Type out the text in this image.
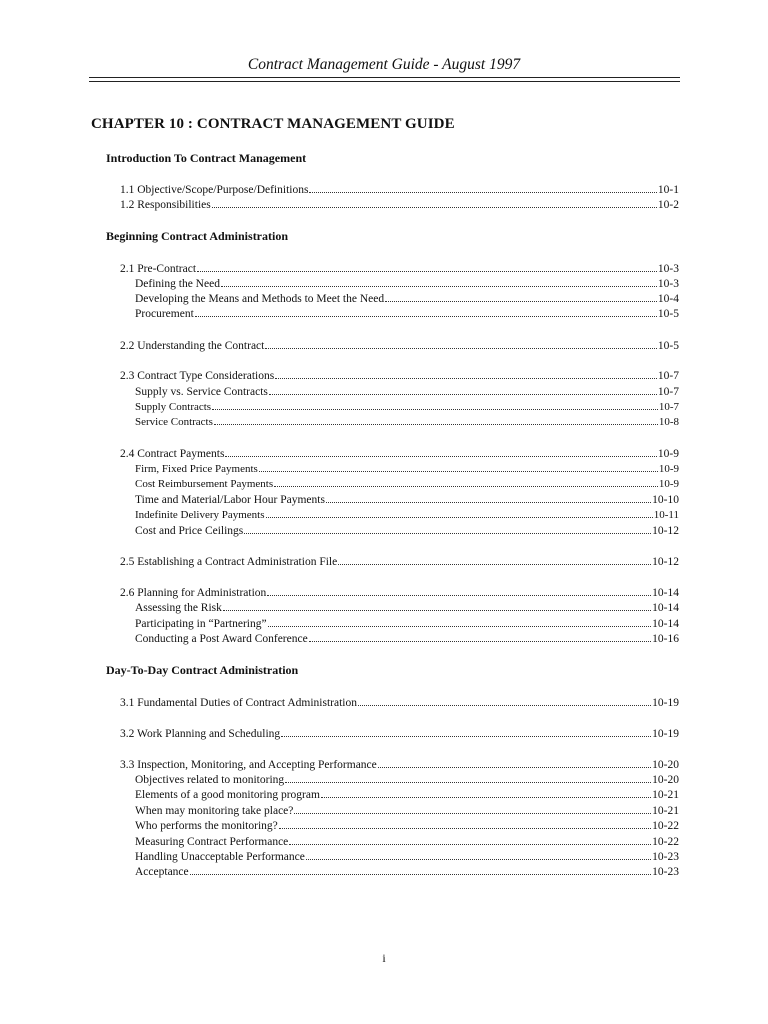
Contract Management Guide - August 1997
CHAPTER 10 : CONTRACT MANAGEMENT GUIDE
Introduction To Contract Management
1.1 Objective/Scope/Purpose/Definitions	10-1
1.2 Responsibilities	10-2
Beginning Contract Administration
2.1 Pre-Contract	10-3
Defining the Need	10-3
Developing the Means and Methods to Meet the Need	10-4
Procurement	10-5
2.2 Understanding the Contract	10-5
2.3 Contract Type Considerations	10-7
Supply vs. Service Contracts	10-7
Supply Contracts	10-7
Service Contracts	10-8
2.4 Contract Payments	10-9
Firm, Fixed Price Payments	10-9
Cost Reimbursement Payments	10-9
Time and Material/Labor Hour Payments	10-10
Indefinite Delivery Payments	10-11
Cost and Price Ceilings	10-12
2.5 Establishing a Contract Administration File	10-12
2.6 Planning for Administration	10-14
Assessing the Risk	10-14
Participating in “Partnering”	10-14
Conducting a Post Award Conference	10-16
Day-To-Day Contract Administration
3.1 Fundamental Duties of Contract Administration	10-19
3.2 Work Planning and Scheduling	10-19
3.3 Inspection, Monitoring, and Accepting Performance	10-20
Objectives related to monitoring	10-20
Elements of a good monitoring program	10-21
When may monitoring take place?	10-21
Who performs the monitoring?	10-22
Measuring Contract Performance	10-22
Handling Unacceptable Performance	10-23
Acceptance	10-23
i
